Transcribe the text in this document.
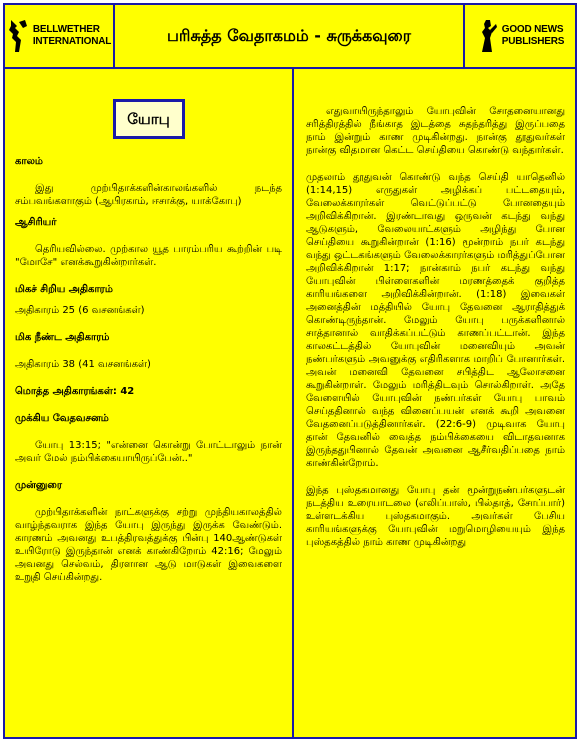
BELLWETHER
INTERNATIONAL	பரிசுத்த வேதாகமம் - சுருக்கவுரை	GOOD NEWS
PUBLISHERS
யோபு
காலம்

இது முற்பிதாக்களின்காலங்களில் நடந்த சம்பவங்களாகும் (ஆபிரகாம், ஈசாக்கு, யாக்கோபு)

ஆசிரியர்

தெரியவில்லை. முற்கால யூத பாரம்பரிய கூற்றின் படி "மோசே" எனக்கூறுகின்றார்கள்.

மிகச் சிறிய அதிகாரம்

அதிகாரம் 25 (6 வசனங்கள்)

மிக நீண்ட அதிகாரம்

அதிகாரம் 38 (41 வசனங்கள்)

மொத்த அதிகாரங்கள்: 42
முக்கிய வேதவசனம்

யோபு 13:15; "என்னை கொன்று போட்டாலும் நான் அவர் மேல் நம்பிக்கையாயிருப்பேன்.."

முன்னுரை

முற்பிதாக்களின் நாட்களுக்கு சற்று முந்தியகாலத்தில் வாழ்ந்தவராக இந்த யோபு இருந்து இருக்க வேண்டும். காரணம் அவனது உபத்திரவத்துக்கு பின்பு 140ஆண்டுகள் உயிரோடு இருந்தான் எனக் காண்கிறோம் 42:16; மேலும் அவனது செல்வம், திரளான ஆடு மாடுகள் இவைகளை உறுதி செய்கின்றது.

எதுவாயிருந்தாலும் யோபுவின் சோதனையானது சரித்திரத்தில் நீங்காத இடத்தை சுதந்தரித்து இருப்பதை நாம் இன்றும் காண முடிகின்றது. நான்கு தூதுவர்கள் நான்கு விதமான கெட்ட செய்தியை கொண்டு வந்தார்கள்.

முதலாம் தூதுவன் கொண்டு வந்த செய்தி யாதெனில் (1:14,15) எருதுகள் அழிக்கப் பட்டதையும், வேலைக்காரர்கள் வெட்டுப்பட்டு போனதையும் அறிவிக்கிறான். இரண்டாவது ஒருவன் கடந்து வந்து ஆடுகளும், வேலையாட்களும் அழிந்து போன செய்தியை கூறுகின்றான் (1:16) மூன்றாம் நபர் கடந்து வந்து ஒட்டகங்களும் வேலைக்காரர்களும் மரித்துப்போன அறிவிக்கிறான் 1:17; நான்காம் நபர் கடந்து வந்து யோபுவின் பிள்ளைகளின் மரணத்தைக் குறித்த காரியங்களை அறிவிக்கின்றான். (1:18) இவைகள் அனைத்தின் மத்தியில் யோபு தேவனை ஆராதித்துக் கொண்டிருந்தான். மேலும் யோபு பருக்களினால் சாத்தானால் வாதிக்கப்பட்டும் காணப்பட்டான். இந்த காலகட்டத்தில் யோபுவின் மனைவியும் அவன் நண்பர்களும் அவனுக்கு எதிரிகளாக மாறிப் போனார்கள். அவன் மனைவி தேவனை சபித்திட ஆலோசனை கூறுகின்றாள். மேலும் மரித்திடவும் சொல்கிறாள். அதே வேளையில் யோபுவின் நண்பர்கள் யோபு பாவம் செய்ததினால் வந்த வினைப்பயன் எனக் கூறி அவனை வேதனைப்படுத்தினார்கள். (22:6-9) முடிவாக யோபு தான் தேவனில் வைத்த நம்பிக்கையை விடாதவனாக இருந்ததுபினால் தேவன் அவனை ஆசீர்வதிப்பதை நாம் காண்கின்றோம்.

இந்த புஸ்தகமானது யோபு தன் மூன்றுநண்பர்களுடன் நடத்திய உரையாடலை (எலிப்பாஸ், பில்தாத், சோப்பார்) உள்ளடக்கிய புஸ்தகமாகும். அவர்கள் பேசிய காரியங்களுக்கு யோபுவின் மறுமொழியையும் இந்த புஸ்தகத்தில் நாம் காண முடிகின்றது
